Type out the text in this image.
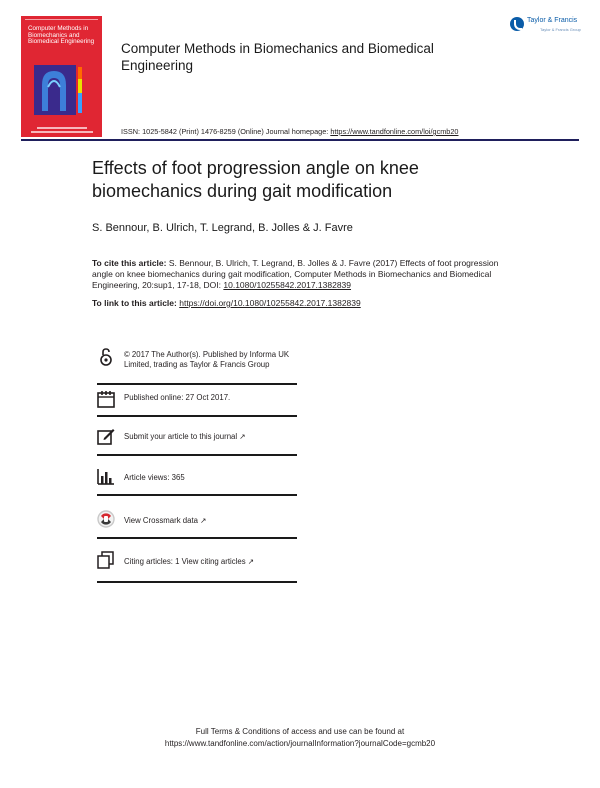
Computer Methods in Biomechanics and Biomedical Engineering Computer Methods in Biomechanics and Biomedical Engineering
ISSN: 1025-5842 (Print) 1476-8259 (Online) Journal homepage: https://www.tandfonline.com/loi/gcmb20
Taylor & Francis
Taylor & Francis Group
Effects of foot progression angle on knee biomechanics during gait modification
S. Bennour, B. Ulrich, T. Legrand, B. Jolles & J. Favre
To cite this article: S. Bennour, B. Ulrich, T. Legrand, B. Jolles & J. Favre (2017) Effects of foot progression angle on knee biomechanics during gait modification, Computer Methods in Biomechanics and Biomedical Engineering, 20:sup1, 17-18, DOI: 10.1080/10255842.2017.1382839
To link to this article: https://doi.org/10.1080/10255842.2017.1382839
© 2017 The Author(s). Published by Informa UK Limited, trading as Taylor & Francis Group
Published online: 27 Oct 2017.
Submit your article to this journal ↗
Article views: 365
View Crossmark data ↗
Citing articles: 1 View citing articles ↗
Full Terms & Conditions of access and use can be found at
https://www.tandfonline.com/action/journalInformation?journalCode=gcmb20
